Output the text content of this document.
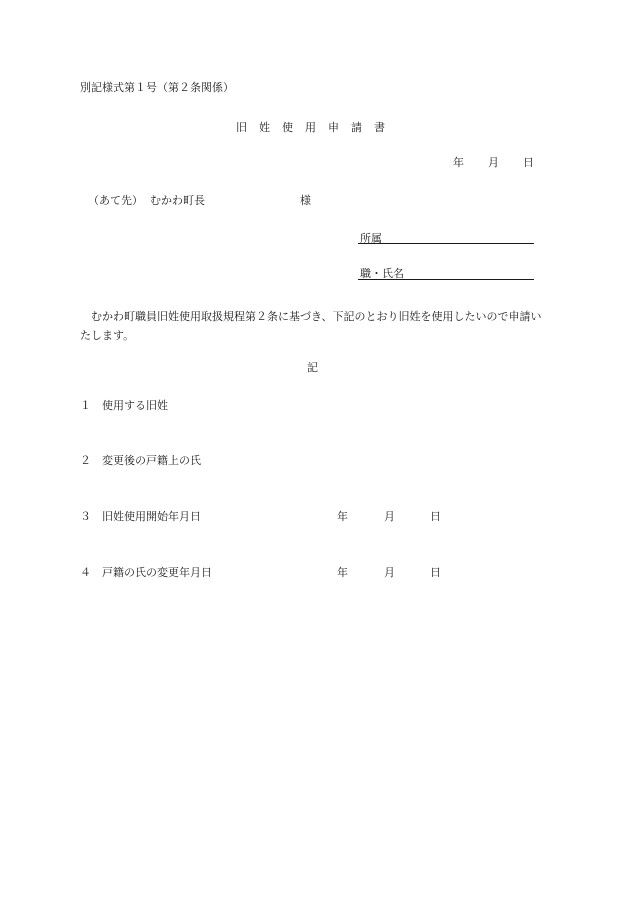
別記様式第１号（第２条関係）
旧姓使用申請書
年 月 日
（あて先） むかわ町長	様
所属
職・氏名
むかわ町職員旧姓使用取扱規程第２条に基づき、下記のとおり旧姓を使用したいので申請いたします。
記
１ 使用する旧姓
２ 変更後の戸籍上の氏
３ 旧姓使用開始年月日	年	月	日
４ 戸籍の氏の変更年月日	年	月	日
